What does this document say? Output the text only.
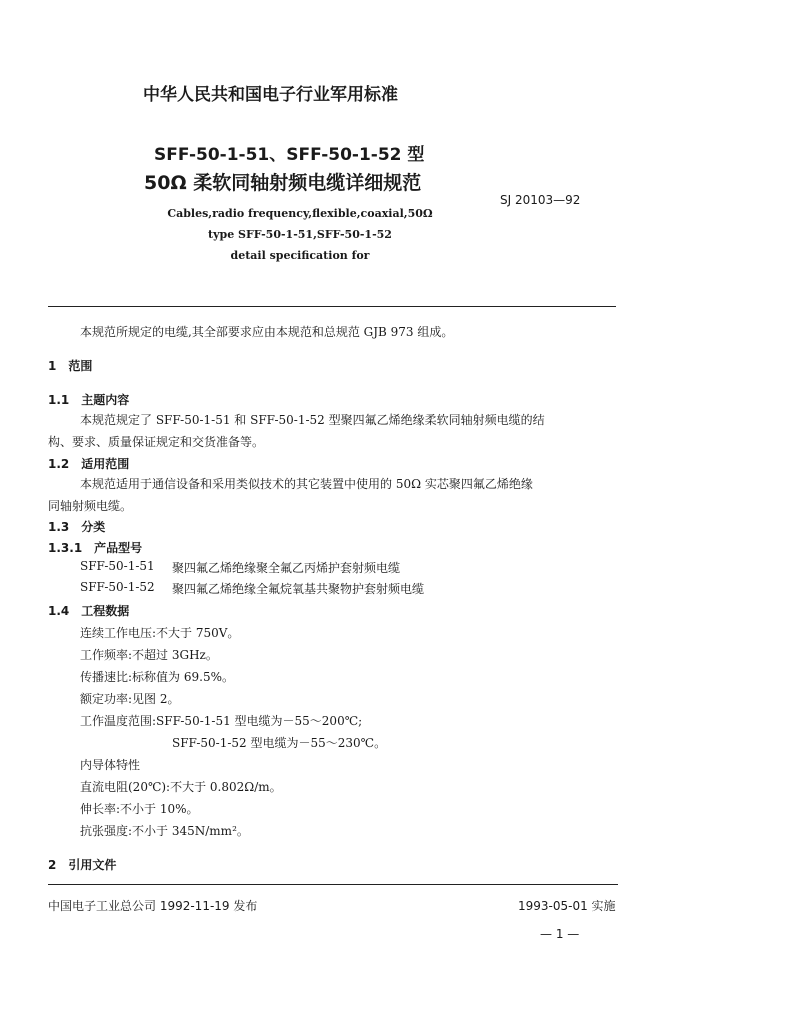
中华人民共和国电子行业军用标准
SFF-50-1-51、SFF-50-1-52 型
50Ω 柔软同轴射频电缆详细规范
SJ 20103—92
Cables,radio frequency,flexible,coaxial,50Ω
type SFF-50-1-51,SFF-50-1-52
detail specification for
本规范所规定的电缆,其全部要求应由本规范和总规范 GJB 973 组成。
1　范围
1.1　主题内容
本规范规定了 SFF-50-1-51 和 SFF-50-1-52 型聚四氟乙烯绝缘柔软同轴射频电缆的结
构、要求、质量保证规定和交货准备等。
1.2　适用范围
本规范适用于通信设备和采用类似技术的其它装置中使用的 50Ω 实芯聚四氟乙烯绝缘
同轴射频电缆。
1.3　分类
1.3.1　产品型号
SFF-50-1-51 聚四氟乙烯绝缘聚全氟乙丙烯护套射频电缆
SFF-50-1-52 聚四氟乙烯绝缘全氟烷氧基共聚物护套射频电缆
1.4　工程数据
连续工作电压:不大于 750V。
工作频率:不超过 3GHz。
传播速比:标称值为 69.5%。
额定功率:见图 2。
工作温度范围:SFF-50-1-51 型电缆为－55～200℃;
SFF-50-1-52 型电缆为－55～230℃。
内导体特性
直流电阻(20℃):不大于 0.802Ω/m。
伸长率:不小于 10%。
抗张强度:不小于 345N/mm²。
2　引用文件
中国电子工业总公司 1992-11-19 发布	1993-05-01 实施
— 1 —
